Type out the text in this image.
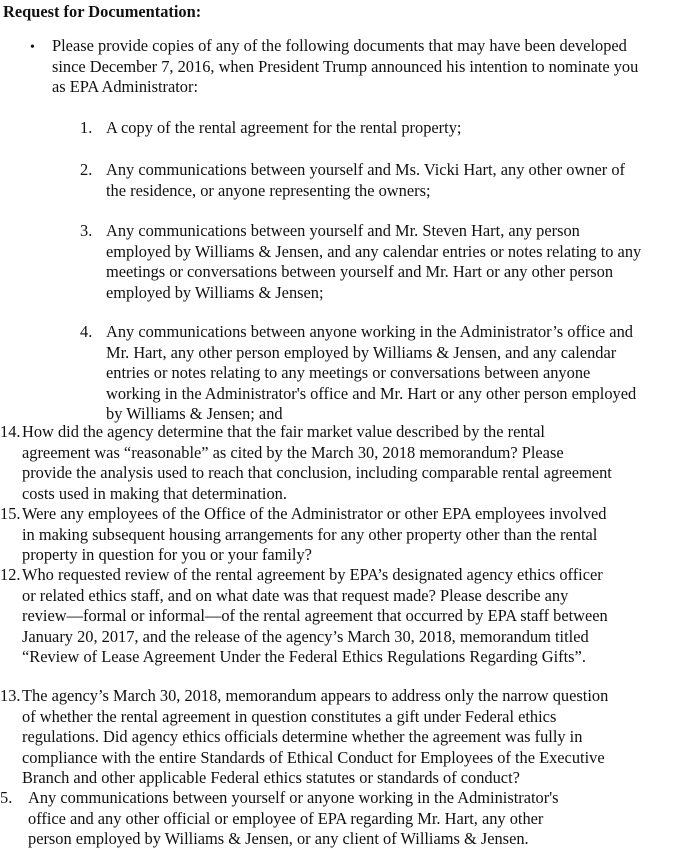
Request for Documentation:
• Please provide copies of any of the following documents that may have been developed
since December 7, 2016, when President Trump announced his intention to nominate you
as EPA Administrator:
1. A copy of the rental agreement for the rental property;
2. Any communications between yourself and Ms. Vicki Hart, any other owner of
the residence, or anyone representing the owners;
3. Any communications between yourself and Mr. Steven Hart, any person
employed by Williams & Jensen, and any calendar entries or notes relating to any
meetings or conversations between yourself and Mr. Hart or any other person
employed by Williams & Jensen;
4. Any communications between anyone working in the Administrator’s office and
Mr. Hart, any other person employed by Williams & Jensen, and any calendar
entries or notes relating to any meetings or conversations between anyone
working in the Administrator's office and Mr. Hart or any other person employed
by Williams & Jensen; and
14. How did the agency determine that the fair market value described by the rental
agreement was “reasonable” as cited by the March 30, 2018 memorandum? Please
provide the analysis used to reach that conclusion, including comparable rental agreement
costs used in making that determination.
15. Were any employees of the Office of the Administrator or other EPA employees involved
in making subsequent housing arrangements for any other property other than the rental
property in question for you or your family?
12. Who requested review of the rental agreement by EPA’s designated agency ethics officer
or related ethics staff, and on what date was that request made? Please describe any
review—formal or informal—of the rental agreement that occurred by EPA staff between
January 20, 2017, and the release of the agency’s March 30, 2018, memorandum titled
“Review of Lease Agreement Under the Federal Ethics Regulations Regarding Gifts”.
13. The agency’s March 30, 2018, memorandum appears to address only the narrow question
of whether the rental agreement in question constitutes a gift under Federal ethics
regulations. Did agency ethics officials determine whether the agreement was fully in
compliance with the entire Standards of Ethical Conduct for Employees of the Executive
Branch and other applicable Federal ethics statutes or standards of conduct?
5. Any communications between yourself or anyone working in the Administrator's
office and any other official or employee of EPA regarding Mr. Hart, any other
person employed by Williams & Jensen, or any client of Williams & Jensen.
